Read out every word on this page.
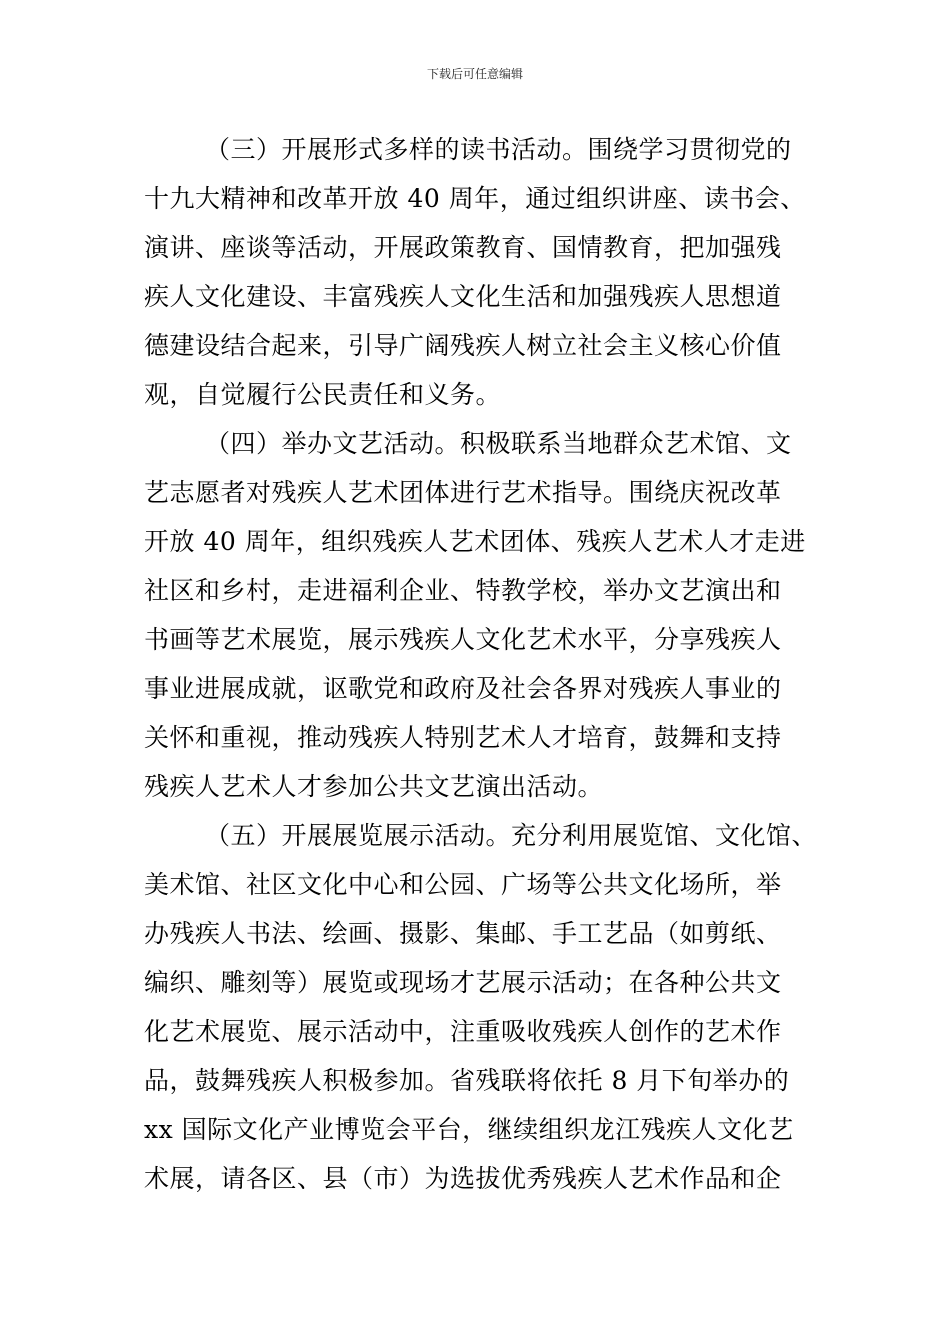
下载后可任意编辑
（三）开展形式多样的读书活动。围绕学习贯彻党的
十九大精神和改革开放 40 周年，通过组织讲座、读书会、
演讲、座谈等活动，开展政策教育、国情教育，把加强残
疾人文化建设、丰富残疾人文化生活和加强残疾人思想道
德建设结合起来，引导广阔残疾人树立社会主义核心价值
观，自觉履行公民责任和义务。
（四）举办文艺活动。积极联系当地群众艺术馆、文
艺志愿者对残疾人艺术团体进行艺术指导。围绕庆祝改革
开放 40 周年，组织残疾人艺术团体、残疾人艺术人才走进
社区和乡村，走进福利企业、特教学校，举办文艺演出和
书画等艺术展览，展示残疾人文化艺术水平，分享残疾人
事业进展成就，讴歌党和政府及社会各界对残疾人事业的
关怀和重视，推动残疾人特别艺术人才培育，鼓舞和支持
残疾人艺术人才参加公共文艺演出活动。
（五）开展展览展示活动。充分利用展览馆、文化馆、
美术馆、社区文化中心和公园、广场等公共文化场所，举
办残疾人书法、绘画、摄影、集邮、手工艺品（如剪纸、
编织、雕刻等）展览或现场才艺展示活动；在各种公共文
化艺术展览、展示活动中，注重吸收残疾人创作的艺术作
品，鼓舞残疾人积极参加。省残联将依托 8 月下旬举办的
xx 国际文化产业博览会平台，继续组织龙江残疾人文化艺
术展，请各区、县（市）为选拔优秀残疾人艺术作品和企
